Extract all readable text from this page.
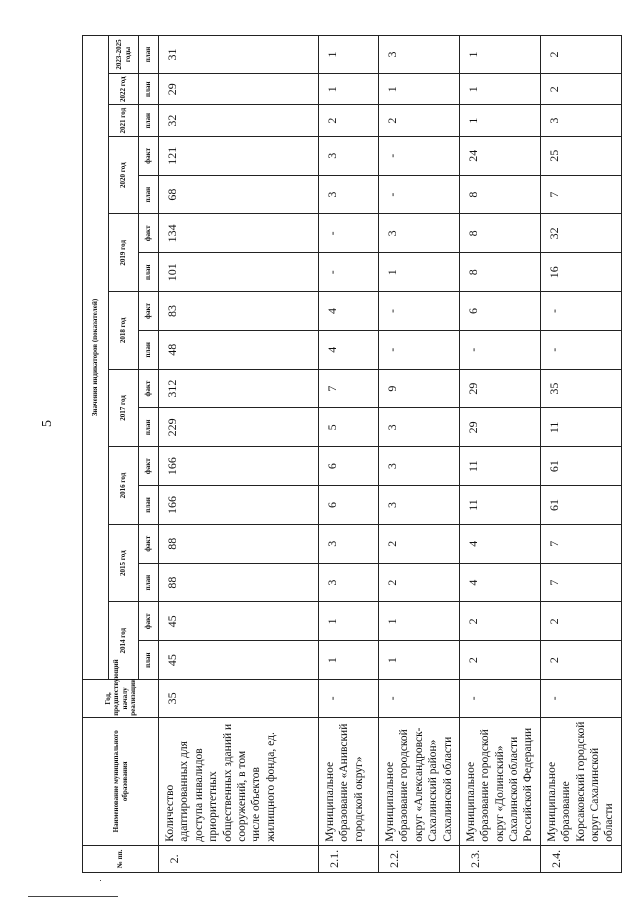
5
№ пп.	Наименование муниципального образования	Год, предшествующий началу реализации	Значения индикаторов (показателей)																
			2014 год		2015 год		2016 год		2017 год		2018 год		2019 год		2020 год		2021 год	2022 год	2023-2025 годы
			план	факт	план	факт	план	факт	план	факт	план	факт	план	факт	план	факт	план	план	план
2.	Количество адаптированных для доступа инвалидов приоритетных общественных зданий и сооружений, в том числе объектов жилищного фонда, ед.	35	45	45	88	88	166	166	229	312	48	83	101	134	68	121	32	29	31
2.1.	Муниципальное образование «Анивский городской округ»	-	1	1	3	3	6	6	5	7	4	4	-	-	3	3	2	1	1
2.2.	Муниципальное образование городской округ «Александровск-Сахалинский район» Сахалинской области	-	1	1	2	2	3	3	3	9	-	-	1	3	-	-	2	1	3
2.3.	Муниципальное образование городской округ «Долинский» Сахалинской области Российской Федерации	-	2	2	4	4	11	11	29	29	-	6	8	8	8	24	1	1	1
2.4.	Муниципальное образование Корсаковский городской округ Сахалинской области	-	2	2	7	7	61	61	11	35	-	-	16	32	7	25	3	2	2
